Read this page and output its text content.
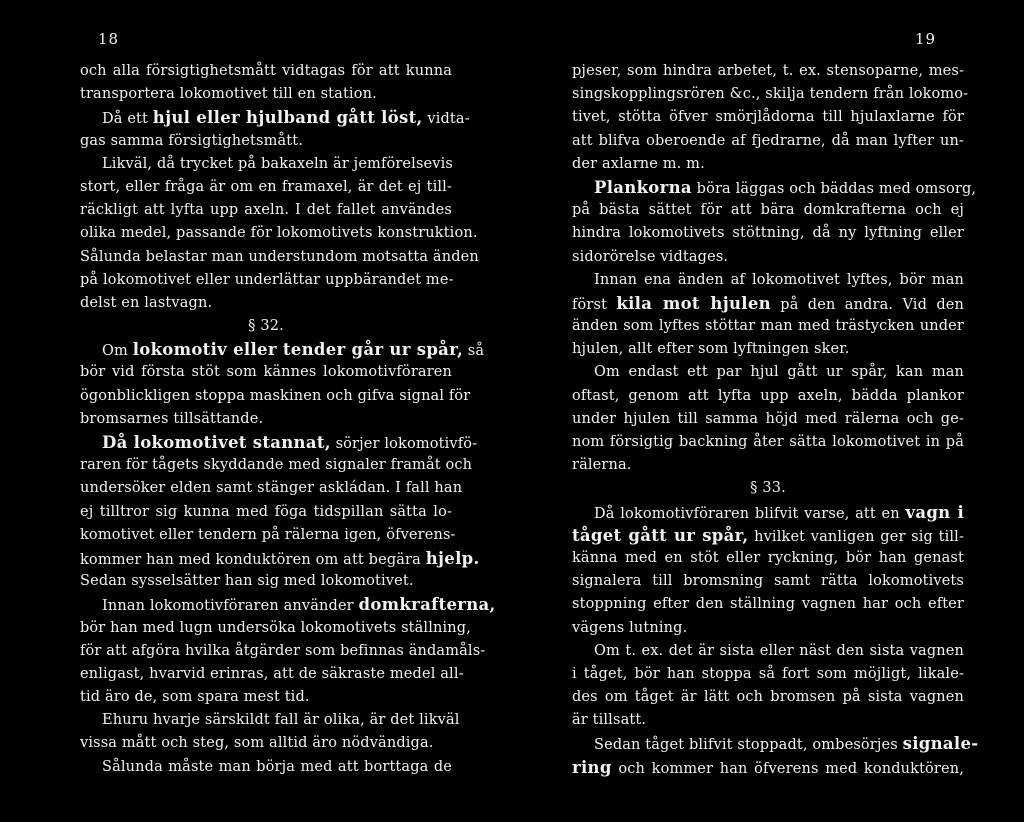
18
och alla försigtighetsmått vidtagas för att kunna
transportera lokomotivet till en station.
Då ett hjul eller hjulband gått löst, vidta-
gas samma försigtighetsmått.
Likväl, då trycket på bakaxeln är jemförelsevis
stort, eller fråga är om en framaxel, är det ej till-
räckligt att lyfta upp axeln. I det fallet användes
olika medel, passande för lokomotivets konstruktion.
Sålunda belastar man understundom motsatta änden
på lokomotivet eller underlättar uppbärandet me-
delst en lastvagn.
§ 32.
Om lokomotiv eller tender går ur spår, så
bör vid första stöt som kännes lokomotivföraren
ögonblickligen stoppa maskinen och gifva signal för
bromsarnes tillsättande.
Då lokomotivet stannat, sörjer lokomotivfö-
raren för tågets skyddande med signaler framåt och
undersöker elden samt stänger askládan. I fall han
ej tilltror sig kunna med föga tidspillan sätta lo-
komotivet eller tendern på rälerna igen, öfverens-
kommer han med konduktören om att begära hjelp.
Sedan sysselsätter han sig med lokomotivet.
Innan lokomotivföraren använder domkrafterna,
bör han med lugn undersöka lokomotivets ställning,
för att afgöra hvilka åtgärder som befinnas ändamåls-
enligast, hvarvid erinras, att de säkraste medel all-
tid äro de, som spara mest tid.
Ehuru hvarje särskildt fall är olika, är det likväl
vissa mått och steg, som alltid äro nödvändiga.
Sålunda måste man börja med att borttaga de
19
pjeser, som hindra arbetet, t. ex. stensoparne, mes-
singskopplingsrören &c., skilja tendern från lokomo-
tivet, stötta öfver smörjlådorna till hjulaxlarne för
att blifva oberoende af fjedrarne, då man lyfter un-
der axlarne m. m.
Plankorna böra läggas och bäddas med omsorg,
på bästa sättet för att bära domkrafterna och ej
hindra lokomotivets stöttning, då ny lyftning eller
sidorörelse vidtages.
Innan ena änden af lokomotivet lyftes, bör man
först kila mot hjulen på den andra. Vid den
änden som lyftes stöttar man med trästycken under
hjulen, allt efter som lyftningen sker.
Om endast ett par hjul gått ur spår, kan man
oftast, genom att lyfta upp axeln, bädda plankor
under hjulen till samma höjd med rälerna och ge-
nom försigtig backning åter sätta lokomotivet in på
rälerna.
§ 33.
Då lokomotivföraren blifvit varse, att en vagn i
tåget gått ur spår, hvilket vanligen ger sig till-
känna med en stöt eller ryckning, bör han genast
signalera till bromsning samt rätta lokomotivets
stoppning efter den ställning vagnen har och efter
vägens lutning.
Om t. ex. det är sista eller näst den sista vagnen
i tåget, bör han stoppa så fort som möjligt, likale-
des om tåget är lätt och bromsen på sista vagnen
är tillsatt.
Sedan tåget blifvit stoppadt, ombesörjes signale-
ring och kommer han öfverens med konduktören,
